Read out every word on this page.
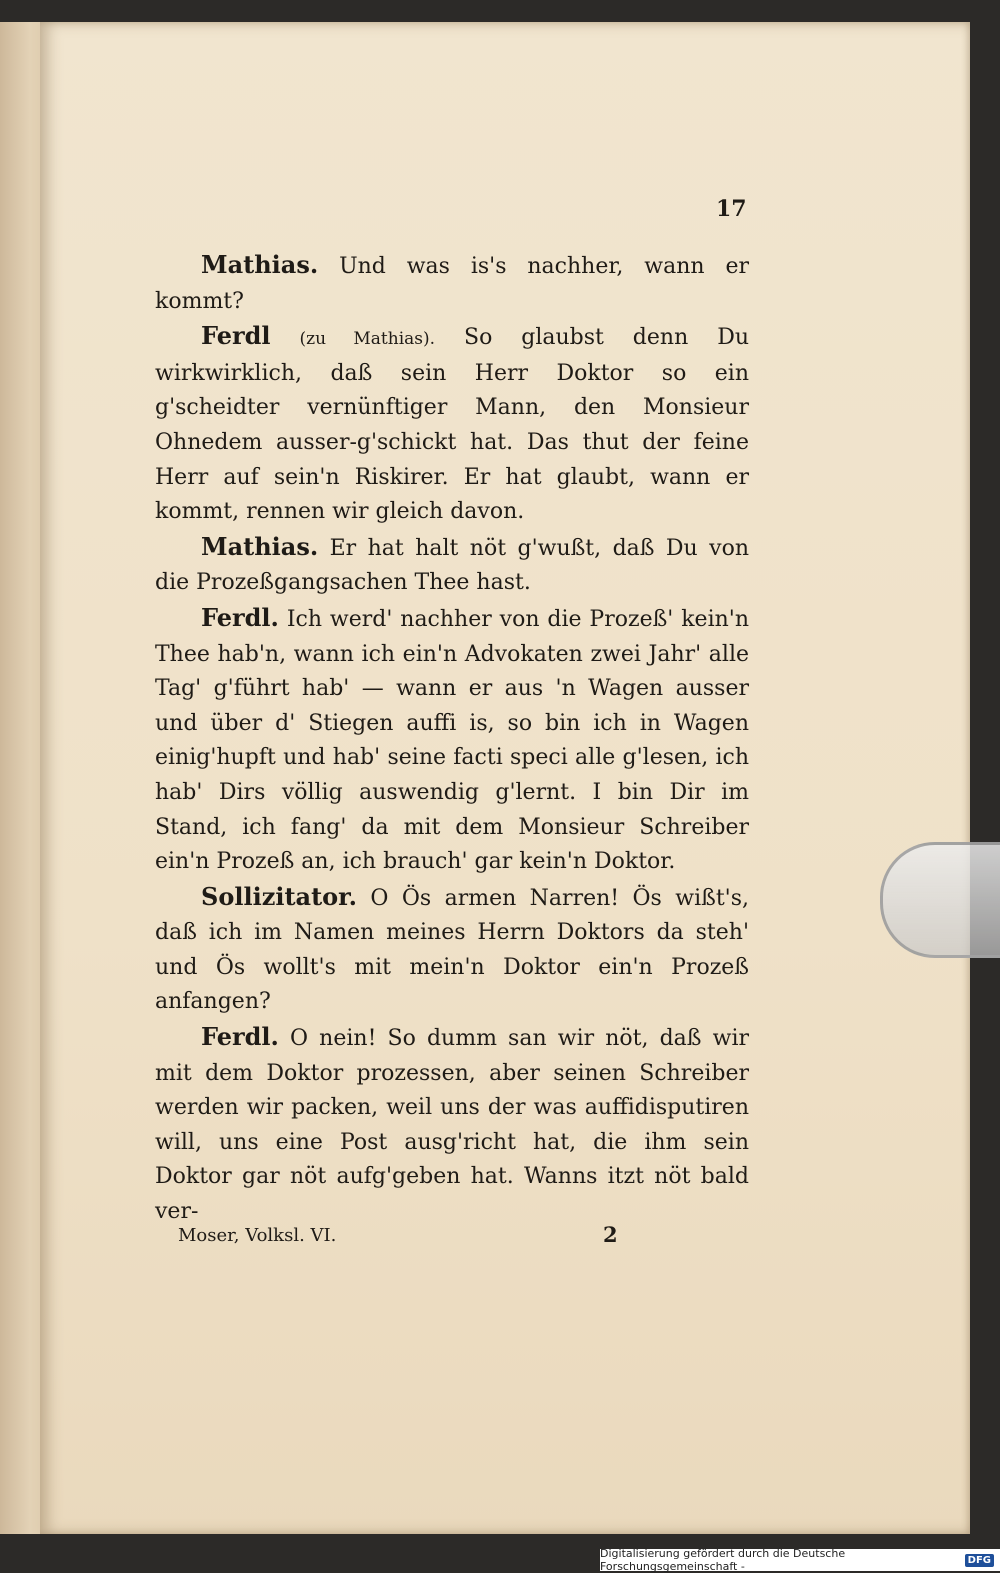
17

Mathias. Und was is's nachher, wann er kommt?

Ferdl (zu Mathias). So glaubst denn Du wirkwirklich, daß sein Herr Doktor so ein g'scheidter vernünftiger Mann, den Monsieur Ohnedem ausser-g'schickt hat. Das thut der feine Herr auf sein'n Riskirer. Er hat glaubt, wann er kommt, rennen wir gleich davon.

Mathias. Er hat halt nöt g'wußt, daß Du von die Prozeßgangsachen Thee hast.

Ferdl. Ich werd' nachher von die Prozeß' kein'n Thee hab'n, wann ich ein'n Advokaten zwei Jahr' alle Tag' g'führt hab' — wann er aus 'n Wagen ausser und über d' Stiegen auffi is, so bin ich in Wagen einig'hupft und hab' seine facti speci alle g'lesen, ich hab' Dirs völlig auswendig g'lernt. I bin Dir im Stand, ich fang' da mit dem Monsieur Schreiber ein'n Prozeß an, ich brauch' gar kein'n Doktor.

Sollizitator. O Ös armen Narren! Ös wißt's, daß ich im Namen meines Herrn Doktors da steh' und Ös wollt's mit mein'n Doktor ein'n Prozeß anfangen?

Ferdl. O nein! So dumm san wir nöt, daß wir mit dem Doktor prozessen, aber seinen Schreiber werden wir packen, weil uns der was auffidisputiren will, uns eine Post ausg'richt hat, die ihm sein Doktor gar nöt aufg'geben hat. Wanns itzt nöt bald ver-

Moser, Volksl. VI.	2
Digitalisierung gefördert durch die Deutsche Forschungsgemeinschaft -	DFG
